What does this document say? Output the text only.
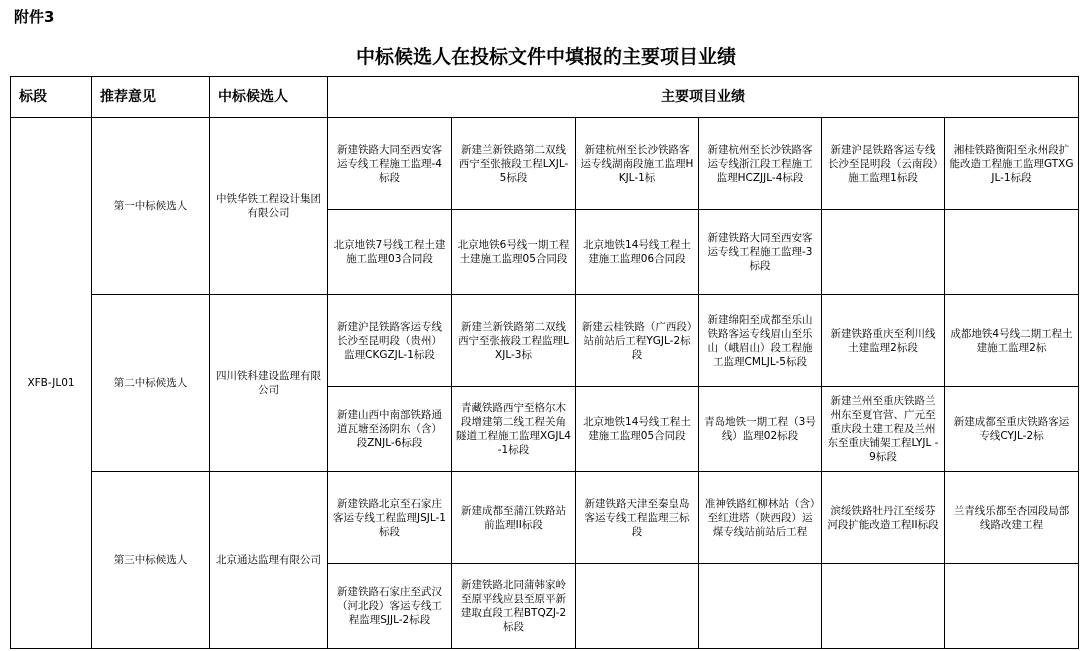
附件3
中标候选人在投标文件中填报的主要项目业绩
标段	推荐意见	中标候选人	主要项目业绩					
XFB-JL01	第一中标候选人	中铁华铁工程设计集团有限公司	新建铁路大同至西安客运专线工程施工监理-4标段	新建兰新铁路第二双线西宁至张掖段工程LXJL-5标段	新建杭州至长沙铁路客运专线湖南段施工监理HKJL-1标	新建杭州至长沙铁路客运专线浙江段工程施工监理HCZJJL-4标段	新建沪昆铁路客运专线长沙至昆明段（云南段）施工监理1标段	湘桂铁路衡阳至永州段扩能改造工程施工监理GTXGJL-1标段
			北京地铁7号线工程土建施工监理03合同段	北京地铁6号线一期工程土建施工监理05合同段	北京地铁14号线工程土建施工监理06合同段	新建铁路大同至西安客运专线工程施工监理-3标段		
	第二中标候选人	四川铁科建设监理有限公司	新建沪昆铁路客运专线长沙至昆明段（贵州）监理CKGZJL-1标段	新建兰新铁路第二双线西宁至张掖段工程监理LXJL-3标	新建云桂铁路（广西段）站前站后工程YGJL-2标段	新建绵阳至成都至乐山铁路客运专线眉山至乐山（峨眉山）段工程施工监理CMLJL-5标段	新建铁路重庆至利川线土建监理2标段	成都地铁4号线二期工程土建施工监理2标
			新建山西中南部铁路通道瓦塘至汤阴东（含）段ZNJL-6标段	青藏铁路西宁至格尔木段增建第二线工程关角隧道工程施工监理XGJL4-1标段	北京地铁14号线工程土建施工监理05合同段	青岛地铁一期工程（3号线）监理02标段	新建兰州至重庆铁路兰州东至夏官营、广元至重庆段土建工程及兰州东至重庆铺架工程LYJL -9标段	新建成都至重庆铁路客运专线CYJL-2标
	第三中标候选人	北京通达监理有限公司	新建铁路北京至石家庄客运专线工程监理JSJL-1标段	新建成都至蒲江铁路站前监理II标段	新建铁路天津至秦皇岛客运专线工程监理三标段	准神铁路红柳林站（含）至红进塔（陕西段）运煤专线站前站后工程	滨绥铁路牡丹江至绥芬河段扩能改造工程II标段	兰青线乐都至杏园段局部线路改建工程
			新建铁路石家庄至武汉（河北段）客运专线工程监理SJJL-2标段	新建铁路北同蒲韩家岭至原平线应县至原平新建取直段工程BTQZJ-2标段				
